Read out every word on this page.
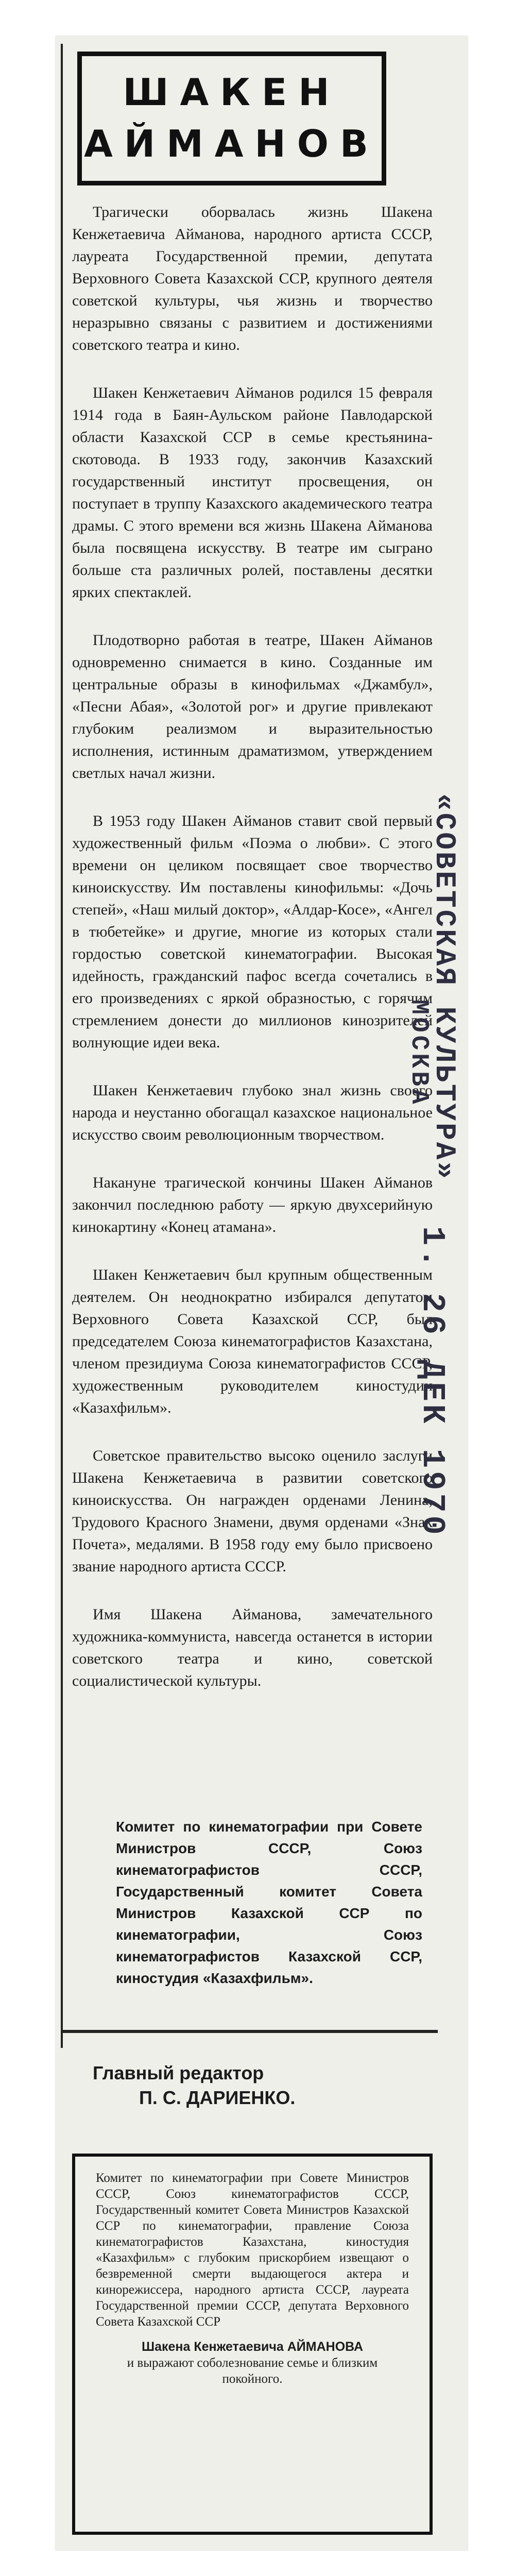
ШАКЕН
АЙМАНОВ

Трагически оборвалась жизнь Шакена Кенжетаевича Айманова, народного артиста СССР, лауреата Государственной премии, депутата Верховного Совета Казахской ССР, крупного деятеля советской культуры, чья жизнь и творчество неразрывно связаны с развитием и достижениями советского театра и кино.

Шакен Кенжетаевич Айманов родился 15 февраля 1914 года в Баян-Аульском районе Павлодарской области Казахской ССР в семье крестьянина-скотовода. В 1933 году, закончив Казахский государственный институт просвещения, он поступает в труппу Казахского академического театра драмы. С этого времени вся жизнь Шакена Айманова была посвящена искусству. В театре им сыграно больше ста различных ролей, поставлены десятки ярких спектаклей.

Плодотворно работая в театре, Шакен Айманов одновременно снимается в кино. Созданные им центральные образы в кинофильмах «Джамбул», «Песни Абая», «Золотой рог» и другие привлекают глубоким реализмом и выразительностью исполнения, истинным драматизмом, утверждением светлых начал жизни.

В 1953 году Шакен Айманов ставит свой первый художественный фильм «Поэма о любви». С этого времени он целиком посвящает свое творчество киноискусству. Им поставлены кинофильмы: «Дочь степей», «Наш милый доктор», «Алдар-Косе», «Ангел в тюбетейке» и другие, многие из которых стали гордостью советской кинематографии. Высокая идейность, гражданский пафос всегда сочетались в его произведениях с яркой образностью, с горячим стремлением донести до миллионов кинозрителей волнующие идеи века.

Шакен Кенжетаевич глубоко знал жизнь своего народа и неустанно обогащал казахское национальное искусство своим революционным творчеством.

Накануне трагической кончины Шакен Айманов закончил последнюю работу — яркую двухсерийную кинокартину «Конец атамана».

Шакен Кенжетаевич был крупным общественным деятелем. Он неоднократно избирался депутатом Верховного Совета Казахской ССР, был председателем Союза кинематографистов Казахстана, членом президиума Союза кинематографистов СССР, художественным руководителем киностудии «Казахфильм».

Советское правительство высоко оценило заслуги Шакена Кенжетаевича в развитии советского киноискусства. Он награжден орденами Ленина, Трудового Красного Знамени, двумя орденами «Знак Почета», медалями. В 1958 году ему было присвоено звание народного артиста СССР.

Имя Шакена Айманова, замечательного художника-коммуниста, навсегда останется в истории советского театра и кино, советской социалистической культуры.

Комитет по кинематографии при Совете Министров СССР, Союз кинематографистов СССР, Государственный комитет Совета Министров Казахской ССР по кинематографии, Союз кинематографистов Казахской ССР, киностудия «Казахфильм».
Главный редактор
П. С. ДАРИЕНКО.
Комитет по кинематографии при Совете Министров СССР, Союз кинематографистов СССР, Государственный комитет Совета Министров Казахской ССР по кинематографии, правление Союза кинематографистов Казахстана, киностудия «Казахфильм» с глубоким прискорбием извещают о безвременной смерти выдающегося актера и кинорежиссера, народного артиста СССР, лауреата Государственной премии СССР, депутата Верховного Совета Казахской ССР
Шакена Кенжетаевича АЙМАНОВА
и выражают соболезнование семье и близким покойного.
«СОВЕТСКАЯ КУЛЬТУРА»
МОСКВА
1. 26 ДЕК 1970
